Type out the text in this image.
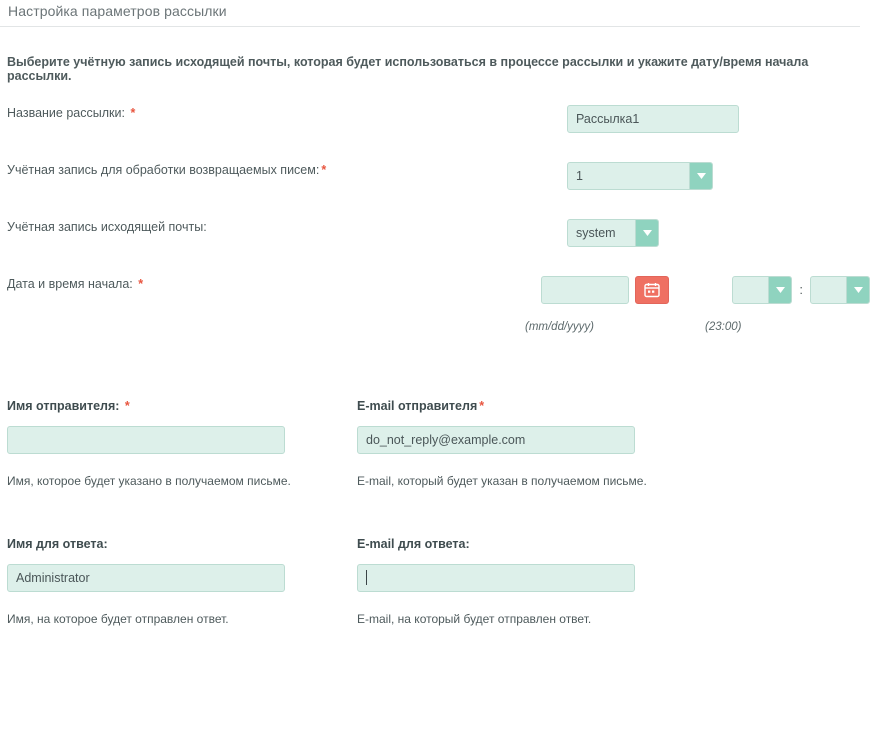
Настройка параметров рассылки
Выберите учётную запись исходящей почты, которая будет использоваться в процессе рассылки и укажите дату/время начала рассылки.
Название рассылки: *
Рассылка1
Учётная запись для обработки возвращаемых писем: *	1
Учётная запись исходящей почты:	system
Дата и время начала: *	:
(mm/dd/yyyy)	(23:00)
Имя отправителя: *
Имя, которое будет указано в получаемом письме.
E-mail отправителя *
do_not_reply@example.com
E-mail, который будет указан в получаемом письме.
Имя для ответа:
Administrator
Имя, на которое будет отправлен ответ.
E-mail для ответа:
E-mail, на который будет отправлен ответ.
